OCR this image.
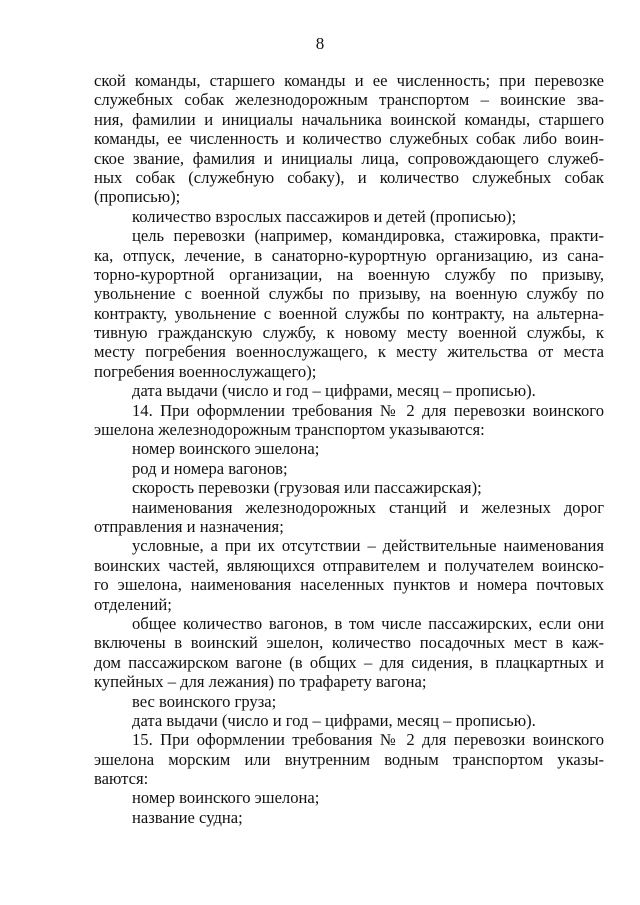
8
ской команды, старшего команды и ее численность; при перевозке
служебных собак железнодорожным транспортом – воинские зва-
ния, фамилии и инициалы начальника воинской команды, старшего
команды, ее численность и количество служебных собак либо воин-
ское звание, фамилия и инициалы лица, сопровождающего служеб-
ных собак (служебную собаку), и количество служебных собак
(прописью);
количество взрослых пассажиров и детей (прописью);
цель перевозки (например, командировка, стажировка, практи-
ка, отпуск, лечение, в санаторно-курортную организацию, из сана-
торно-курортной организации, на военную службу по призыву,
увольнение с военной службы по призыву, на военную службу по
контракту, увольнение с военной службы по контракту, на альтерна-
тивную гражданскую службу, к новому месту военной службы, к
месту погребения военнослужащего, к месту жительства от места
погребения военнослужащего);
дата выдачи (число и год – цифрами, месяц – прописью).
14. При оформлении требования № 2 для перевозки воинского
эшелона железнодорожным транспортом указываются:
номер воинского эшелона;
род и номера вагонов;
скорость перевозки (грузовая или пассажирская);
наименования железнодорожных станций и железных дорог
отправления и назначения;
условные, а при их отсутствии – действительные наименования
воинских частей, являющихся отправителем и получателем воинско-
го эшелона, наименования населенных пунктов и номера почтовых
отделений;
общее количество вагонов, в том числе пассажирских, если они
включены в воинский эшелон, количество посадочных мест в каж-
дом пассажирском вагоне (в общих – для сидения, в плацкартных и
купейных – для лежания) по трафарету вагона;
вес воинского груза;
дата выдачи (число и год – цифрами, месяц – прописью).
15. При оформлении требования № 2 для перевозки воинского
эшелона морским или внутренним водным транспортом указы-
ваются:
номер воинского эшелона;
название судна;
